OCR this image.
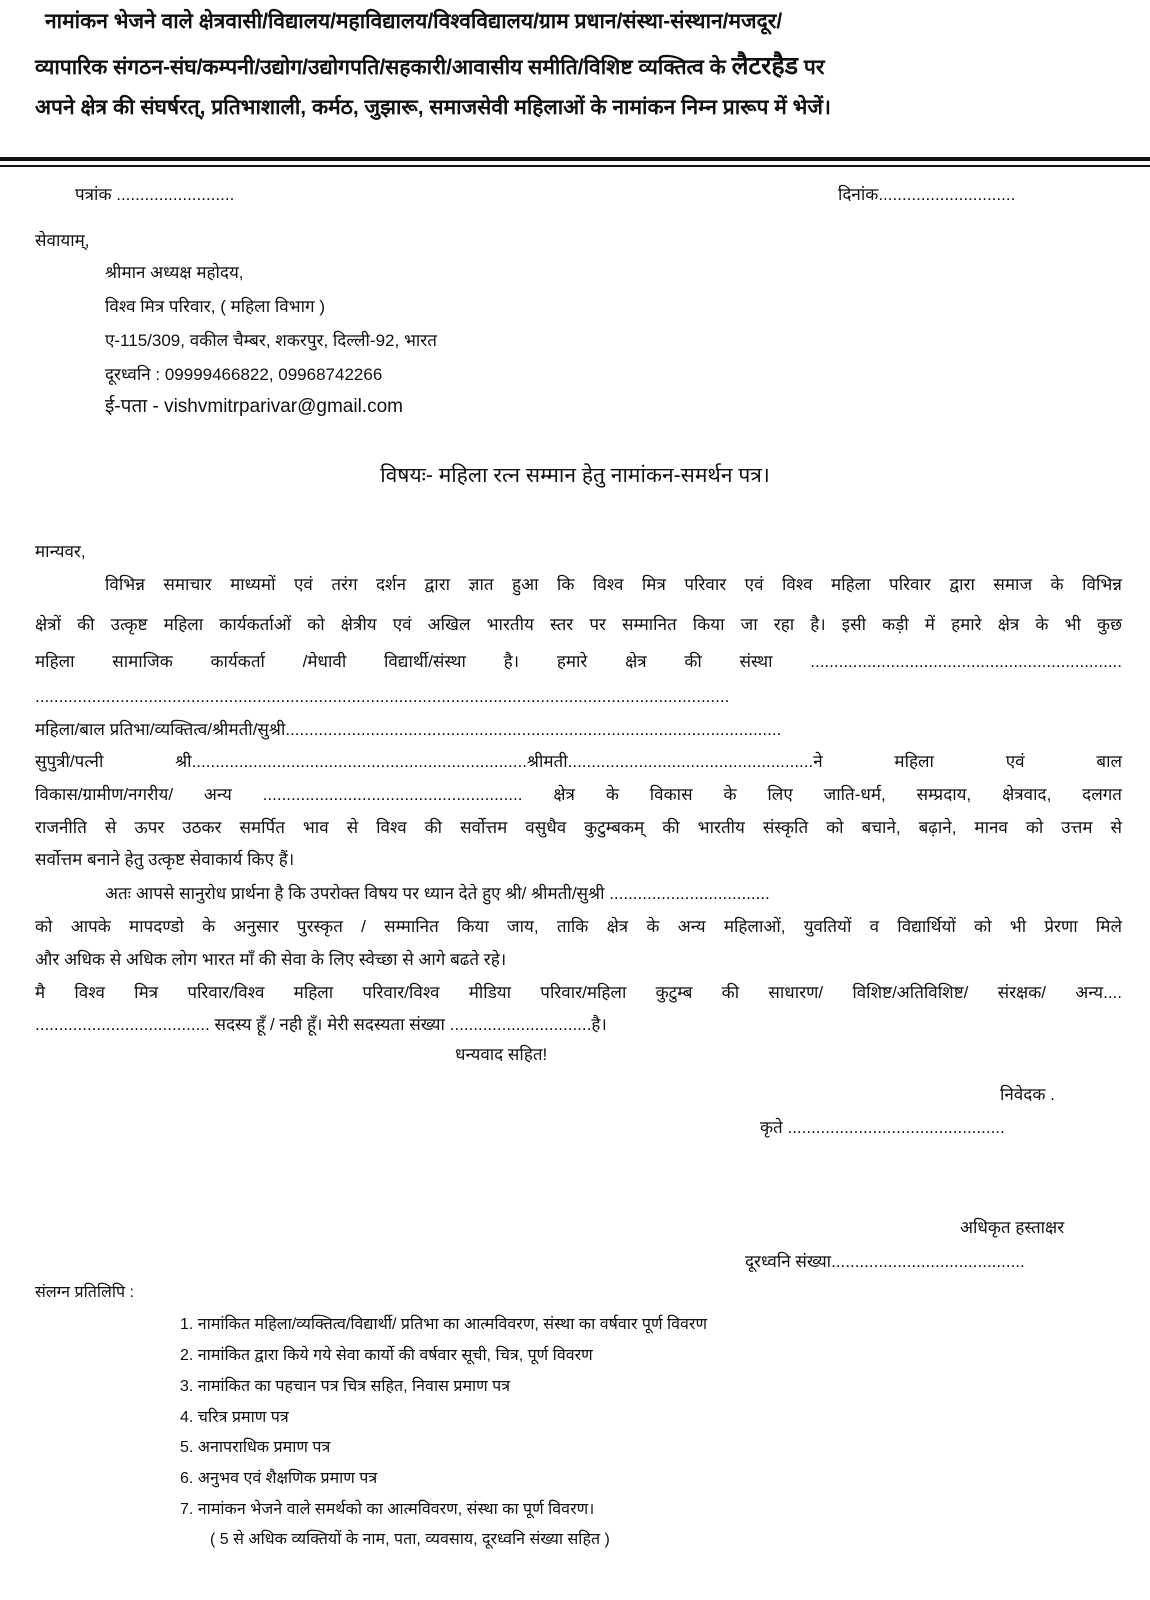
नामांकन भेजने वाले क्षेत्रवासी/विद्यालय/महाविद्यालय/विश्वविद्यालय/ग्राम प्रधान/संस्था-संस्थान/मजदूर/
व्यापारिक संगठन-संघ/कम्पनी/उद्योग/उद्योगपति/सहकारी/आवासीय समीति/विशिष्ट व्यक्तित्व के लैटरहैड पर
अपने क्षेत्र की संघर्षरत्, प्रतिभाशाली, कर्मठ, जुझारू, समाजसेवी महिलाओं के नामांकन निम्न प्रारूप में भेजें।
पत्रांक .........................	दिनांक.............................
सेवायाम्,
श्रीमान अध्यक्ष महोदय,
विश्व मित्र परिवार, ( महिला विभाग )
ए-115/309, वकील चैम्बर, शकरपुर, दिल्ली-92, भारत
दूरध्वनि : 09999466822, 09968742266
ई-पता - vishvmitrparivar@gmail.com
विषयः- महिला रत्न सम्मान हेतु नामांकन-समर्थन पत्र।
मान्यवर,
विभिन्न समाचार माध्यमों एवं तरंग दर्शन द्वारा ज्ञात हुआ कि विश्व मित्र परिवार एवं विश्व महिला परिवार द्वारा समाज के विभिन्न
क्षेत्रों की उत्कृष्ट महिला कार्यकर्ताओं को क्षेत्रीय एवं अखिल भारतीय स्तर पर सम्मानित किया जा रहा है। इसी कड़ी में हमारे क्षेत्र के भी कुछ
महिला सामाजिक कार्यकर्ता /मेधावी विद्यार्थी/संस्था है। हमारे क्षेत्र की संस्था ..................................................................
...................................................................................................................................................
महिला/बाल प्रतिभा/व्यक्तित्व/श्रीमती/सुश्री.........................................................................................................
सुपुत्री/पत्नी श्री.......................................................................श्रीमती....................................................ने महिला एवं बाल
विकास/ग्रामीण/नगरीय/ अन्य ....................................................... क्षेत्र के विकास के लिए जाति-धर्म, सम्प्रदाय, क्षेत्रवाद, दलगत
राजनीति से ऊपर उठकर समर्पित भाव से विश्व की सर्वोत्तम वसुधैव कुटुम्बकम् की भारतीय संस्कृति को बचाने, बढ़ाने, मानव को उत्तम से
सर्वोत्तम बनाने हेतु उत्कृष्ट सेवाकार्य किए हैं।
अतः आपसे सानुरोध प्रार्थना है कि उपरोक्त विषय पर ध्यान देते हुए श्री/ श्रीमती/सुश्री ..................................
को आपके मापदण्डो के अनुसार पुरस्कृत / सम्मानित किया जाय, ताकि क्षेत्र के अन्य महिलाओं, युवतियों व विद्यार्थियों को भी प्रेरणा मिले
और अधिक से अधिक लोग भारत माँ की सेवा के लिए स्वेच्छा से आगे बढते रहे।
मै विश्व मित्र परिवार/विश्व महिला परिवार/विश्व मीडिया परिवार/महिला कुटुम्ब की साधारण/ विशिष्ट/अतिविशिष्ट/ संरक्षक/ अन्य....
..................................... सदस्य हूँ / नही हूँ। मेरी सदस्यता संख्या ..............................है।
धन्यवाद सहित!
निवेदक .
कृते ..............................................
अधिकृत हस्ताक्षर
दूरध्वनि संख्या.........................................
संलग्न प्रतिलिपि :
1. नामांकित महिला/व्यक्तित्व/विद्यार्थी/ प्रतिभा का आत्मविवरण, संस्था का वर्षवार पूर्ण विवरण
2. नामांकित द्वारा किये गये सेवा कार्यो की वर्षवार सूची, चित्र, पूर्ण विवरण
3. नामांकित का पहचान पत्र चित्र सहित, निवास प्रमाण पत्र
4. चरित्र प्रमाण पत्र
5. अनापराधिक प्रमाण पत्र
6. अनुभव एवं शैक्षणिक प्रमाण पत्र
7. नामांकन भेजने वाले समर्थको का आत्मविवरण, संस्था का पूर्ण विवरण।
( 5 से अधिक व्यक्तियों के नाम, पता, व्यवसाय, दूरध्वनि संख्या सहित )
